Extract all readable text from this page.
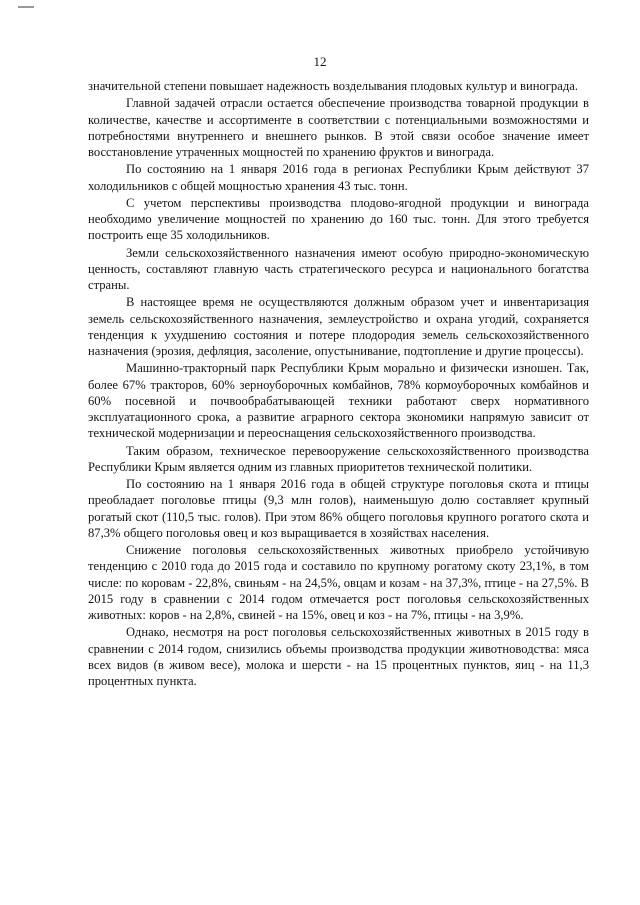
12

значительной степени повышает надежность возделывания плодовых культур и винограда.

Главной задачей отрасли остается обеспечение производства товарной продукции в количестве, качестве и ассортименте в соответствии с потенциальными возможностями и потребностями внутреннего и внешнего рынков. В этой связи особое значение имеет восстановление утраченных мощностей по хранению фруктов и винограда.

По состоянию на 1 января 2016 года в регионах Республики Крым действуют 37 холодильников с общей мощностью хранения 43 тыс. тонн.

С учетом перспективы производства плодово-ягодной продукции и винограда необходимо увеличение мощностей по хранению до 160 тыс. тонн. Для этого требуется построить еще 35 холодильников.

Земли сельскохозяйственного назначения имеют особую природно-экономическую ценность, составляют главную часть стратегического ресурса и национального богатства страны.

В настоящее время не осуществляются должным образом учет и инвентаризация земель сельскохозяйственного назначения, землеустройство и охрана угодий, сохраняется тенденция к ухудшению состояния и потере плодородия земель сельскохозяйственного назначения (эрозия, дефляция, засоление, опустынивание, подтопление и другие процессы).

Машинно-тракторный парк Республики Крым морально и физически изношен. Так, более 67% тракторов, 60% зерноуборочных комбайнов, 78% кормоуборочных комбайнов и 60% посевной и почвообрабатывающей техники работают сверх нормативного эксплуатационного срока, а развитие аграрного сектора экономики напрямую зависит от технической модернизации и переоснащения сельскохозяйственного производства.

Таким образом, техническое перевооружение сельскохозяйственного производства Республики Крым является одним из главных приоритетов технической политики.

По состоянию на 1 января 2016 года в общей структуре поголовья скота и птицы преобладает поголовье птицы (9,3 млн голов), наименьшую долю составляет крупный рогатый скот (110,5 тыс. голов). При этом 86% общего поголовья крупного рогатого скота и 87,3% общего поголовья овец и коз выращивается в хозяйствах населения.

Снижение поголовья сельскохозяйственных животных приобрело устойчивую тенденцию с 2010 года до 2015 года и составило по крупному рогатому скоту 23,1%, в том числе: по коровам - 22,8%, свиньям - на 24,5%, овцам и козам - на 37,3%, птице - на 27,5%. В 2015 году в сравнении с 2014 годом отмечается рост поголовья сельскохозяйственных животных: коров - на 2,8%, свиней - на 15%, овец и коз - на 7%, птицы - на 3,9%.

Однако, несмотря на рост поголовья сельскохозяйственных животных в 2015 году в сравнении с 2014 годом, снизились объемы производства продукции животноводства: мяса всех видов (в живом весе), молока и шерсти - на 15 процентных пунктов, яиц - на 11,3 процентных пункта.
